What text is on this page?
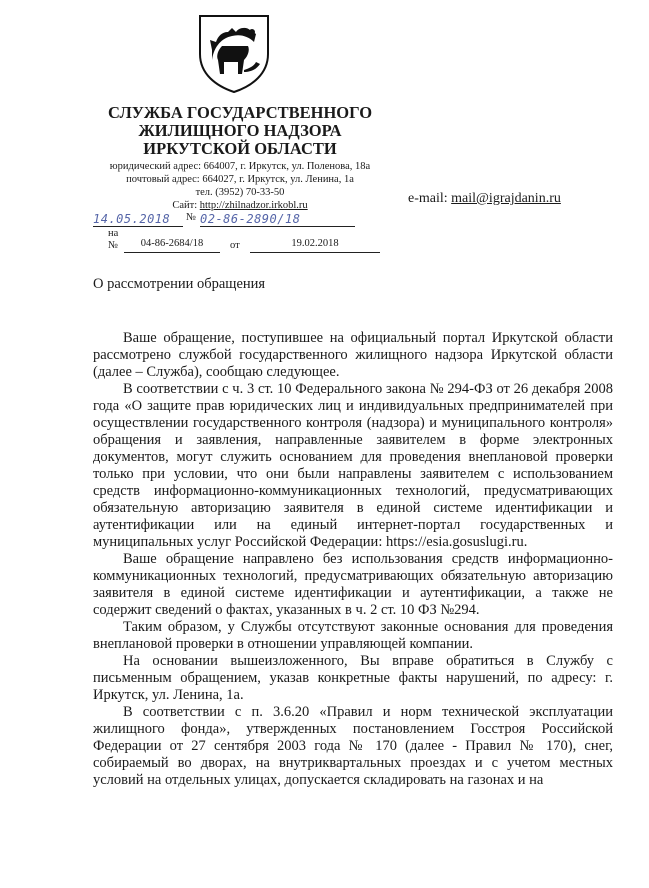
СЛУЖБА ГОСУДАРСТВЕННОГО
ЖИЛИЩНОГО НАДЗОРА
ИРКУТСКОЙ ОБЛАСТИ
юридический адрес: 664007, г. Иркутск, ул. Поленова, 18а
почтовый адрес: 664027, г. Иркутск, ул. Ленина, 1а
тел. (3952) 70-33-50
Сайт: http://zhilnadzor.irkobl.ru	e-mail: mail@igrajdanin.ru
14.05.2018	№ 02-86-2890/18
на
№	04-86-2684/18	от	19.02.2018
О рассмотрении обращения

Ваше обращение, поступившее на официальный портал Иркутской области рассмотрено службой государственного жилищного надзора Иркутской области (далее – Служба), сообщаю следующее.

В соответствии с ч. 3 ст. 10 Федерального закона № 294-ФЗ от 26 декабря 2008 года «О защите прав юридических лиц и индивидуальных предпринимателей при осуществлении государственного контроля (надзора) и муниципального контроля» обращения и заявления, направленные заявителем в форме электронных документов, могут служить основанием для проведения внеплановой проверки только при условии, что они были направлены заявителем с использованием средств информационно-коммуникационных технологий, предусматривающих обязательную авторизацию заявителя в единой системе идентификации и аутентификации или на единый интернет-портал государственных и муниципальных услуг Российской Федерации: https://esia.gosuslugi.ru.

Ваше обращение направлено без использования средств информационно-коммуникационных технологий, предусматривающих обязательную авторизацию заявителя в единой системе идентификации и аутентификации, а также не содержит сведений о фактах, указанных в ч. 2 ст. 10 ФЗ №294.

Таким образом, у Службы отсутствуют законные основания для проведения внеплановой проверки в отношении управляющей компании.

На основании вышеизложенного, Вы вправе обратиться в Службу с письменным обращением, указав конкретные факты нарушений, по адресу: г. Иркутск, ул. Ленина, 1а.

В соответствии с п. 3.6.20 «Правил и норм технической эксплуатации жилищного фонда», утвержденных постановлением Госстроя Российской Федерации от 27 сентября 2003 года № 170 (далее - Правил № 170), снег, собираемый во дворах, на внутриквартальных проездах и с учетом местных условий на отдельных улицах, допускается складировать на газонах и на
